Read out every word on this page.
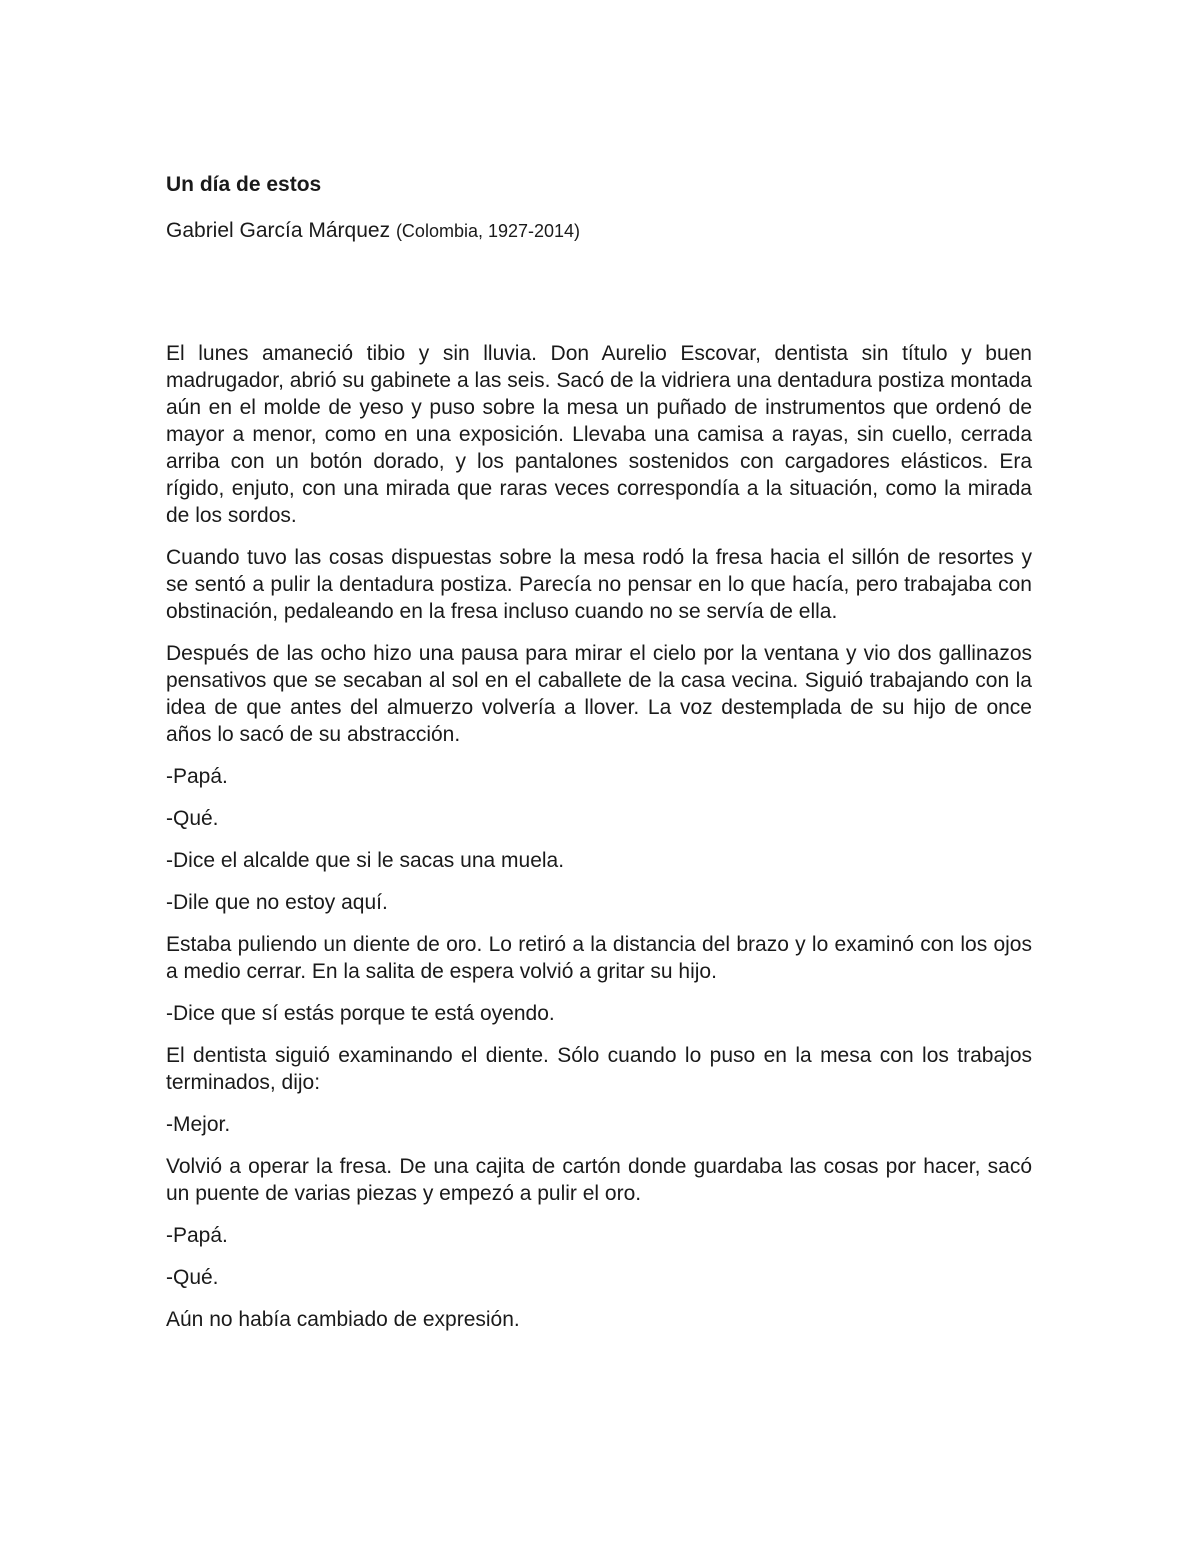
Un día de estos
Gabriel García Márquez (Colombia, 1927-2014)

El lunes amaneció tibio y sin lluvia. Don Aurelio Escovar, dentista sin título y buen madrugador, abrió su gabinete a las seis. Sacó de la vidriera una dentadura postiza montada aún en el molde de yeso y puso sobre la mesa un puñado de instrumentos que ordenó de mayor a menor, como en una exposición. Llevaba una camisa a rayas, sin cuello, cerrada arriba con un botón dorado, y los pantalones sostenidos con cargadores elásticos. Era rígido, enjuto, con una mirada que raras veces correspondía a la situación, como la mirada de los sordos.

Cuando tuvo las cosas dispuestas sobre la mesa rodó la fresa hacia el sillón de resortes y se sentó a pulir la dentadura postiza. Parecía no pensar en lo que hacía, pero trabajaba con obstinación, pedaleando en la fresa incluso cuando no se servía de ella.

Después de las ocho hizo una pausa para mirar el cielo por la ventana y vio dos gallinazos pensativos que se secaban al sol en el caballete de la casa vecina. Siguió trabajando con la idea de que antes del almuerzo volvería a llover. La voz destemplada de su hijo de once años lo sacó de su abstracción.

-Papá.

-Qué.

-Dice el alcalde que si le sacas una muela.

-Dile que no estoy aquí.

Estaba puliendo un diente de oro. Lo retiró a la distancia del brazo y lo examinó con los ojos a medio cerrar. En la salita de espera volvió a gritar su hijo.

-Dice que sí estás porque te está oyendo.

El dentista siguió examinando el diente. Sólo cuando lo puso en la mesa con los trabajos terminados, dijo:

-Mejor.

Volvió a operar la fresa. De una cajita de cartón donde guardaba las cosas por hacer, sacó un puente de varias piezas y empezó a pulir el oro.

-Papá.

-Qué.

Aún no había cambiado de expresión.
